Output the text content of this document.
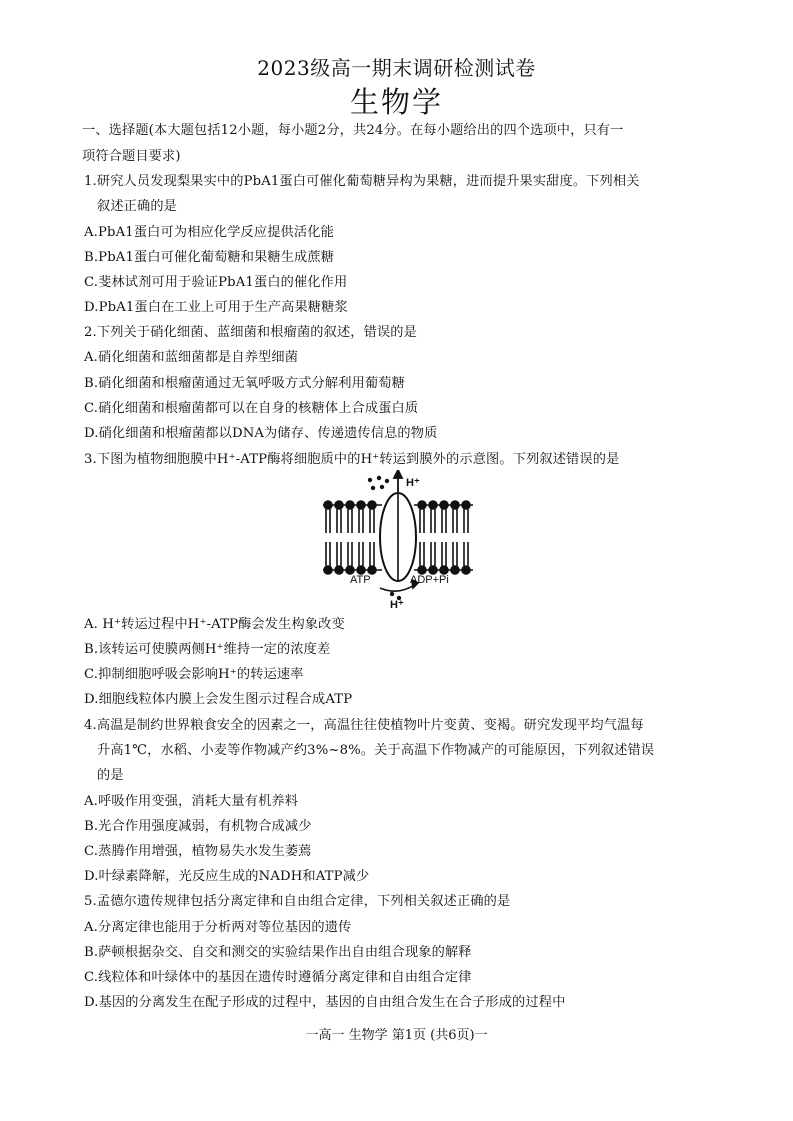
2023级高一期末调研检测试卷
生物学
一、选择题(本大题包括12小题，每小题2分，共24分。在每小题给出的四个选项中，只有一
项符合题目要求)
1.研究人员发现梨果实中的PbA1蛋白可催化葡萄糖异构为果糖，进而提升果实甜度。下列相关
叙述正确的是
A.PbA1蛋白可为相应化学反应提供活化能
B.PbA1蛋白可催化葡萄糖和果糖生成蔗糖
C.斐林试剂可用于验证PbA1蛋白的催化作用
D.PbA1蛋白在工业上可用于生产高果糖糖浆
2.下列关于硝化细菌、蓝细菌和根瘤菌的叙述，错误的是
A.硝化细菌和蓝细菌都是自养型细菌
B.硝化细菌和根瘤菌通过无氧呼吸方式分解利用葡萄糖
C.硝化细菌和根瘤菌都可以在自身的核糖体上合成蛋白质
D.硝化细菌和根瘤菌都以DNA为储存、传递遗传信息的物质
3.下图为植物细胞膜中H⁺-ATP酶将细胞质中的H⁺转运到膜外的示意图。下列叙述错误的是
H⁺
ATP	ADP+Pi
H⁺
A. H⁺转运过程中H⁺-ATP酶会发生构象改变
B.该转运可使膜两侧H⁺维持一定的浓度差
C.抑制细胞呼吸会影响H⁺的转运速率
D.细胞线粒体内膜上会发生图示过程合成ATP
4.高温是制约世界粮食安全的因素之一，高温往往使植物叶片变黄、变褐。研究发现平均气温每
升高1℃，水稻、小麦等作物减产约3%~8%。关于高温下作物减产的可能原因，下列叙述错误
的是
A.呼吸作用变强，消耗大量有机养料
B.光合作用强度减弱，有机物合成减少
C.蒸腾作用增强，植物易失水发生萎蔫
D.叶绿素降解，光反应生成的NADH和ATP减少
5.孟德尔遗传规律包括分离定律和自由组合定律，下列相关叙述正确的是
A.分离定律也能用于分析两对等位基因的遗传
B.萨顿根据杂交、自交和测交的实验结果作出自由组合现象的解释
C.线粒体和叶绿体中的基因在遗传时遵循分离定律和自由组合定律
D.基因的分离发生在配子形成的过程中，基因的自由组合发生在合子形成的过程中
一高一 生物学 第1页 (共6页)一
